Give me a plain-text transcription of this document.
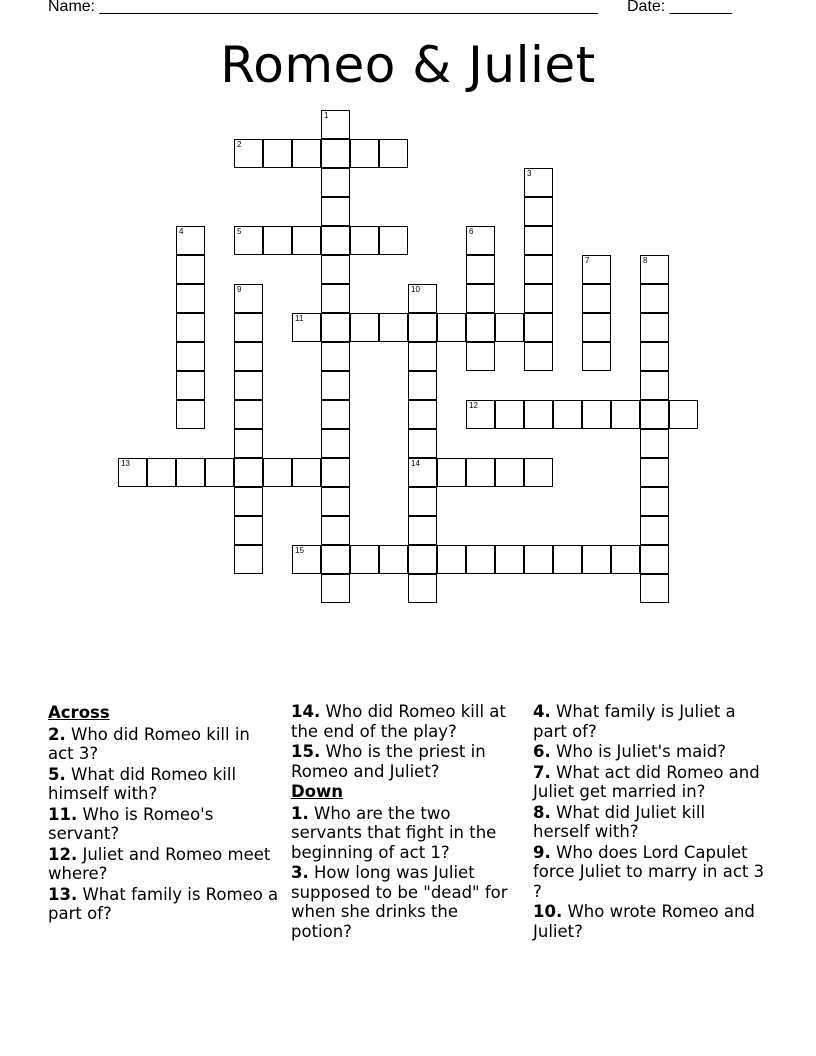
Name: ________________________________________________________ Date: _______
Romeo & Juliet
1
2
3
4	5	6
7	8
9	10
14
11
12
13
15
Across
2. Who did Romeo kill in act 3?
5. What did Romeo kill himself with?
11. Who is Romeo's servant?
12. Juliet and Romeo meet where?
13. What family is Romeo a part of?
14. Who did Romeo kill at the end of the play?
15. Who is the priest in Romeo and Juliet?
Down
1. Who are the two servants that fight in the beginning of act 1?
3. How long was Juliet supposed to be "dead" for when she drinks the potion?
4. What family is Juliet a part of?
6. Who is Juliet's maid?
7. What act did Romeo and Juliet get married in?
8. What did Juliet kill herself with?
9. Who does Lord Capulet force Juliet to marry in act 3 ?
10. Who wrote Romeo and Juliet?
